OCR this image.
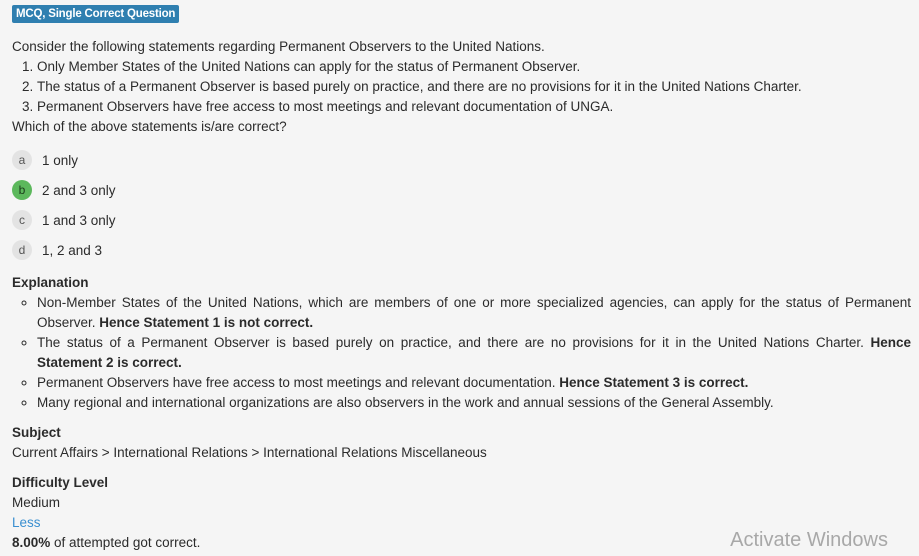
MCQ, Single Correct Question
Consider the following statements regarding Permanent Observers to the United Nations.
1. Only Member States of the United Nations can apply for the status of Permanent Observer.
2. The status of a Permanent Observer is based purely on practice, and there are no provisions for it in the United Nations Charter.
3. Permanent Observers have free access to most meetings and relevant documentation of UNGA.
Which of the above statements is/are correct?
a	1 only
b	2 and 3 only
c	1 and 3 only
d	1, 2 and 3
Explanation
◦ Non-Member States of the United Nations, which are members of one or more specialized agencies, can apply for the status of Permanent Observer. Hence Statement 1 is not correct.
◦ The status of a Permanent Observer is based purely on practice, and there are no provisions for it in the United Nations Charter. Hence Statement 2 is correct.
◦ Permanent Observers have free access to most meetings and relevant documentation. Hence Statement 3 is correct.
◦ Many regional and international organizations are also observers in the work and annual sessions of the General Assembly.
Subject
Current Affairs > International Relations > International Relations Miscellaneous
Difficulty Level
Medium
Less
8.00% of attempted got correct.	Activate Windows
